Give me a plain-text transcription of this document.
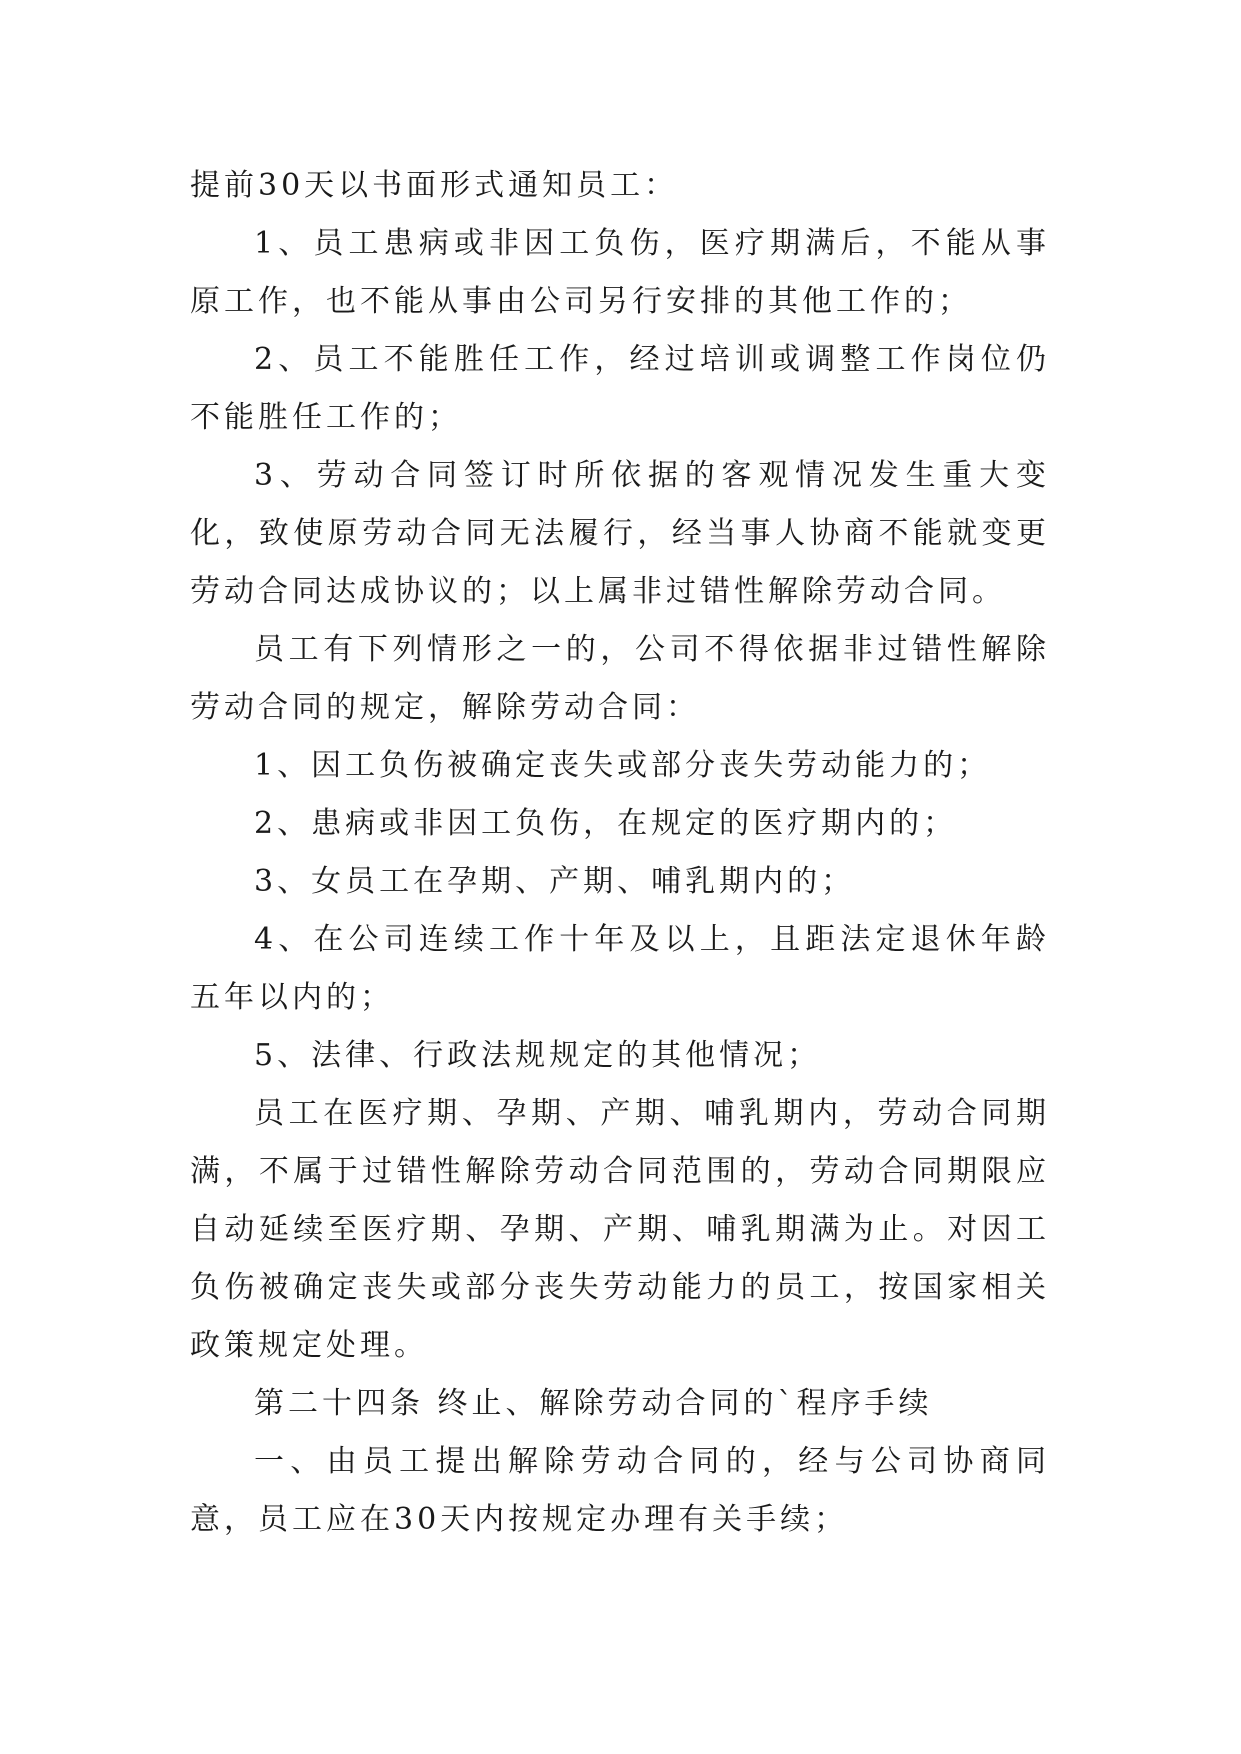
提前30天以书面形式通知员工：

1、员工患病或非因工负伤，医疗期满后，不能从事原工作，也不能从事由公司另行安排的其他工作的；

2、员工不能胜任工作，经过培训或调整工作岗位仍不能胜任工作的；

3、劳动合同签订时所依据的客观情况发生重大变化，致使原劳动合同无法履行，经当事人协商不能就变更劳动合同达成协议的；以上属非过错性解除劳动合同。

员工有下列情形之一的，公司不得依据非过错性解除劳动合同的规定，解除劳动合同：

1、因工负伤被确定丧失或部分丧失劳动能力的；

2、患病或非因工负伤，在规定的医疗期内的；

3、女员工在孕期、产期、哺乳期内的；

4、在公司连续工作十年及以上，且距法定退休年龄五年以内的；

5、法律、行政法规规定的其他情况；

员工在医疗期、孕期、产期、哺乳期内，劳动合同期满，不属于过错性解除劳动合同范围的，劳动合同期限应自动延续至医疗期、孕期、产期、哺乳期满为止。对因工负伤被确定丧失或部分丧失劳动能力的员工，按国家相关政策规定处理。

第二十四条 终止、解除劳动合同的`程序手续

一、由员工提出解除劳动合同的，经与公司协商同意，员工应在30天内按规定办理有关手续；
